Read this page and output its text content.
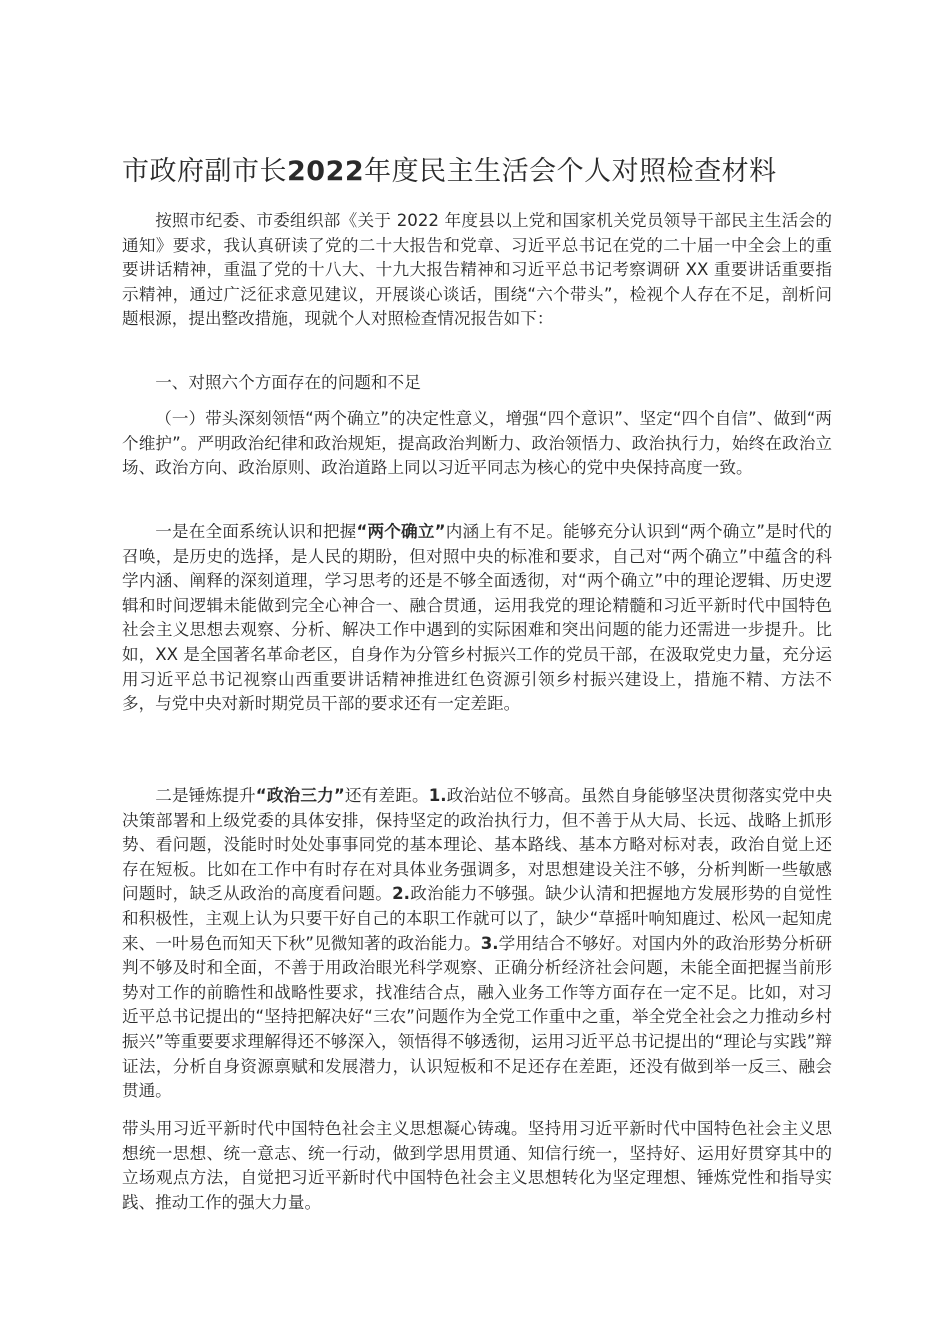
市政府副市长2022年度民主生活会个人对照检查材料

按照市纪委、市委组织部《关于 2022 年度县以上党和国家机关党员领导干部民主生活会的通知》要求，我认真研读了党的二十大报告和党章、习近平总书记在党的二十届一中全会上的重要讲话精神，重温了党的十八大、十九大报告精神和习近平总书记考察调研 XX 重要讲话重要指示精神，通过广泛征求意见建议，开展谈心谈话，围绕“六个带头”，检视个人存在不足，剖析问题根源，提出整改措施，现就个人对照检查情况报告如下：

一、对照六个方面存在的问题和不足

（一）带头深刻领悟“两个确立”的决定性意义，增强“四个意识”、坚定“四个自信”、做到“两个维护”。严明政治纪律和政治规矩，提高政治判断力、政治领悟力、政治执行力，始终在政治立场、政治方向、政治原则、政治道路上同以习近平同志为核心的党中央保持高度一致。

一是在全面系统认识和把握“两个确立”内涵上有不足。能够充分认识到“两个确立”是时代的召唤，是历史的选择，是人民的期盼，但对照中央的标准和要求，自己对“两个确立”中蕴含的科学内涵、阐释的深刻道理，学习思考的还是不够全面透彻，对“两个确立”中的理论逻辑、历史逻辑和时间逻辑未能做到完全心神合一、融合贯通，运用我党的理论精髓和习近平新时代中国特色社会主义思想去观察、分析、解决工作中遇到的实际困难和突出问题的能力还需进一步提升。比如，XX 是全国著名革命老区，自身作为分管乡村振兴工作的党员干部，在汲取党史力量，充分运用习近平总书记视察山西重要讲话精神推进红色资源引领乡村振兴建设上，措施不精、方法不多，与党中央对新时期党员干部的要求还有一定差距。

二是锤炼提升“政治三力”还有差距。1.政治站位不够高。虽然自身能够坚决贯彻落实党中央决策部署和上级党委的具体安排，保持坚定的政治执行力，但不善于从大局、长远、战略上抓形势、看问题，没能时时处处事事同党的基本理论、基本路线、基本方略对标对表，政治自觉上还存在短板。比如在工作中有时存在对具体业务强调多，对思想建设关注不够，分析判断一些敏感问题时，缺乏从政治的高度看问题。2.政治能力不够强。缺少认清和把握地方发展形势的自觉性和积极性，主观上认为只要干好自己的本职工作就可以了，缺少“草摇叶响知鹿过、松风一起知虎来、一叶易色而知天下秋”见微知著的政治能力。3.学用结合不够好。对国内外的政治形势分析研判不够及时和全面，不善于用政治眼光科学观察、正确分析经济社会问题，未能全面把握当前形势对工作的前瞻性和战略性要求，找准结合点，融入业务工作等方面存在一定不足。比如，对习近平总书记提出的“坚持把解决好“三农”问题作为全党工作重中之重，举全党全社会之力推动乡村振兴”等重要要求理解得还不够深入，领悟得不够透彻，运用习近平总书记提出的“理论与实践”辩证法，分析自身资源禀赋和发展潜力，认识短板和不足还存在差距，还没有做到举一反三、融会贯通。

带头用习近平新时代中国特色社会主义思想凝心铸魂。坚持用习近平新时代中国特色社会主义思想统一思想、统一意志、统一行动，做到学思用贯通、知信行统一，坚持好、运用好贯穿其中的立场观点方法，自觉把习近平新时代中国特色社会主义思想转化为坚定理想、锤炼党性和指导实践、推动工作的强大力量。
